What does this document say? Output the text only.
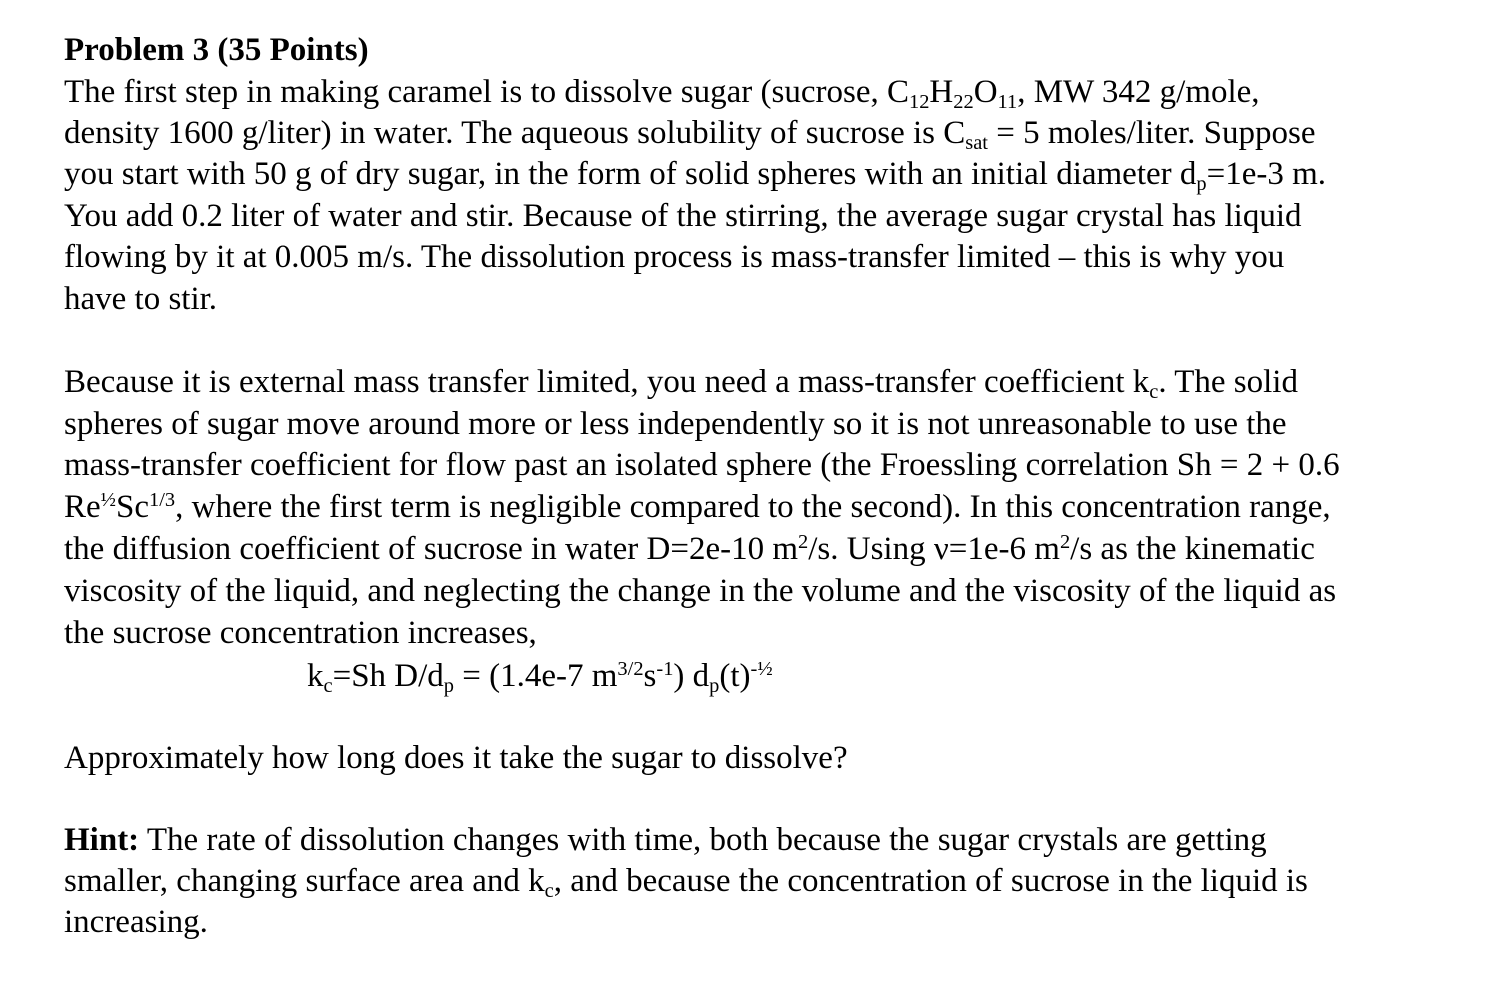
Problem 3 (35 Points)
The first step in making caramel is to dissolve sugar (sucrose, $C_{12}H_{22}O_{11}$, MW 342 g/mole,
density 1600 g/liter) in water. The aqueous solubility of sucrose is $C_{sat} = 5$ moles/liter. Suppose
you start with 50 g of dry sugar, in the form of solid spheres with an initial diameter $d_p=1e-3$ m.
You add 0.2 liter of water and stir. Because of the stirring, the average sugar crystal has liquid
flowing by it at 0.005 m/s. The dissolution process is mass-transfer limited – this is why you
have to stir.
Because it is external mass transfer limited, you need a mass-transfer coefficient $k_c$. The solid
spheres of sugar move around more or less independently so it is not unreasonable to use the
mass-transfer coefficient for flow past an isolated sphere (the Froessling correlation Sh = 2 + 0.6
$Re^{\frac{1}{2}}Sc^{1/3}$, where the first term is negligible compared to the second). In this concentration range,
the diffusion coefficient of sucrose in water D=2e-10 $m^2/s$. Using ν=1e-6 $m^2/s$ as the kinematic
viscosity of the liquid, and neglecting the change in the volume and the viscosity of the liquid as
the sucrose concentration increases,
$k_c=Sh$ $D/d_p = (1.4e-7$ $m^{3/2}s^{-1}$) $d_p(t)^{-\frac{1}{2}}$
Approximately how long does it take the sugar to dissolve?
Hint: The rate of dissolution changes with time, both because the sugar crystals are getting
smaller, changing surface area and $k_c$, and because the concentration of sucrose in the liquid is
increasing.
